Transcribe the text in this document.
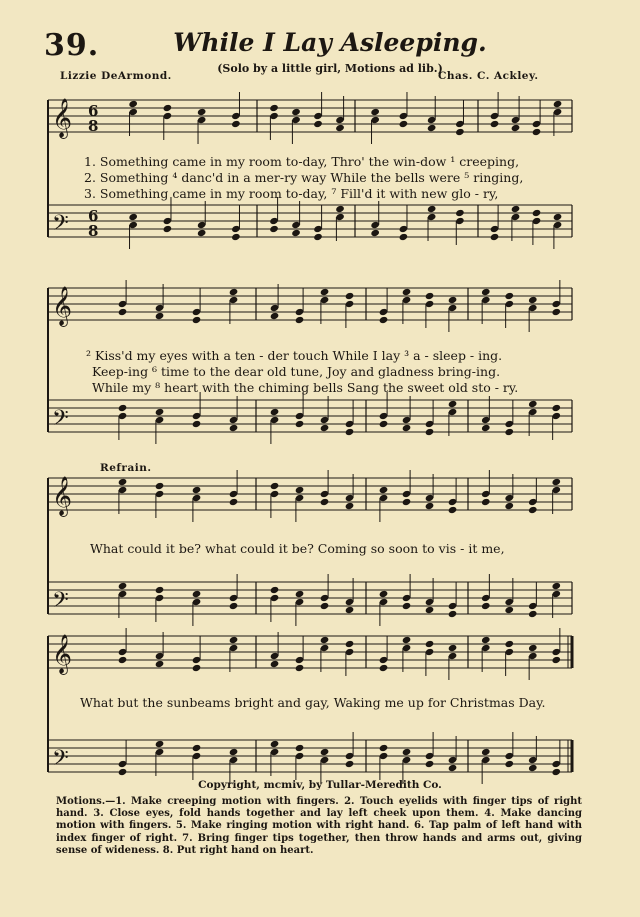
39.	While I Lay Asleeping.
(Solo by a little girl, Motions ad lib.)
Lizzie DeArmond.	Chas. C. Ackley.
𝄞
𝄢
6
8
6
8
𝄞
𝄢
𝄞
𝄢
𝄞
𝄢
1. Something came in my room to-day, Thro' the win-dow ¹ creeping,
2. Something ⁴ danc'd in a mer-ry way While the bells were ⁵ ringing,
3. Something came in my room to-day, ⁷ Fill'd it with new glo - ry,
² Kiss'd my eyes with a ten - der touch While I lay ³ a - sleep - ing.
Keep-ing ⁶ time to the dear old tune, Joy and gladness bring-ing.
While my ⁸ heart with the chiming bells Sang the sweet old sto - ry.
Refrain.
What could it be? what could it be? Coming so soon to vis - it me,
What but the sunbeams bright and gay, Waking me up for Christmas Day.
Copyright, mcmiv, by Tullar-Meredith Co.
Motions.—1. Make creeping motion with fingers. 2. Touch eyelids with finger tips of right hand. 3. Close eyes, fold hands together and lay left cheek upon them. 4. Make dancing motion with fingers. 5. Make ringing motion with right hand. 6. Tap palm of left hand with index finger of right. 7. Bring finger tips together, then throw hands and arms out, giving sense of wideness. 8. Put right hand on heart.
